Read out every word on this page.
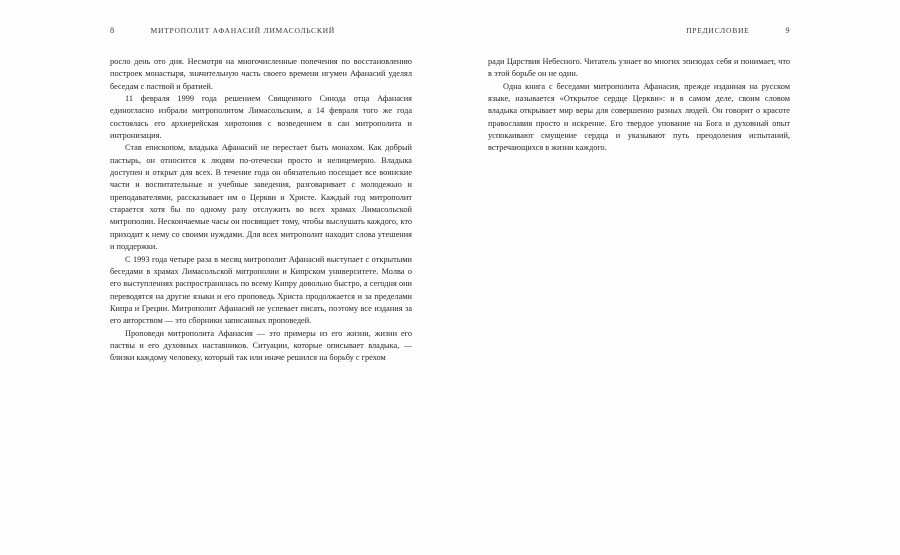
8	МИТРОПОЛИТ АФАНАСИЙ ЛИМАСОЛЬСКИЙ

росло день ото дня. Несмотря на многочисленные попечения по восстановлению построек монастыря, значительную часть своего времени игумен Афанасий уделял беседам с паствой и братией.

11 февраля 1999 года решением Священного Синода отца Афанасия единогласно избрали митрополитом Лимасольским, а 14 февраля того же года состоялась его архиерейская хиротония с возведением в сан митрополита и интронизация.

Став епископом, владыка Афанасий не перестает быть монахом. Как добрый пастырь, он относится к людям по-отечески просто и нелицемерно. Владыка доступен и открыт для всех. В течение года он обязательно посещает все воинские части и воспитательные и учебные заведения, разговаривает с молодежью и преподавателями, рассказывает им о Церкви и Христе. Каждый год митрополит старается хотя бы по одному разу отслужить во всех храмах Лимасольской митрополии. Нескончаемые часы он посвящает тому, чтобы выслушать каждого, кто приходит к нему со своими нуждами. Для всех митрополит находит слова утешения и поддержки.

С 1993 года четыре раза в месяц митрополит Афанасий выступает с открытыми беседами в храмах Лимасольской митрополии и Кипрском университете. Молва о его выступлениях распространялась по всему Кипру довольно быстро, а сегодня они переводятся на другие языки и его проповедь Христа продолжается и за пределами Кипра и Греции. Митрополит Афанасий не успевает писать, поэтому все издания за его авторством — это сборники записанных проповедей.

Проповеди митрополита Афанасия — это примеры из его жизни, жизни его паствы и его духовных наставников. Ситуации, которые описывает владыка, — близки каждому человеку, который так или иначе решился на борьбу с грехом

ПРЕДИСЛОВИЕ	9

ради Царствия Небесного. Читатель узнает во многих эпизодах себя и понимает, что в этой борьбе он не один.

Одна книга с беседами митрополита Афанасия, прежде изданная на русском языке, называется «Открытое сердце Церкви»: и в самом деле, своим словом владыка открывает мир веры для совершенно разных людей. Он говорит о красоте православия просто и искренне. Его твердое упование на Бога и духовный опыт успокаивают смущение сердца и указывают путь преодоления испытаний, встречающихся в жизни каждого.
